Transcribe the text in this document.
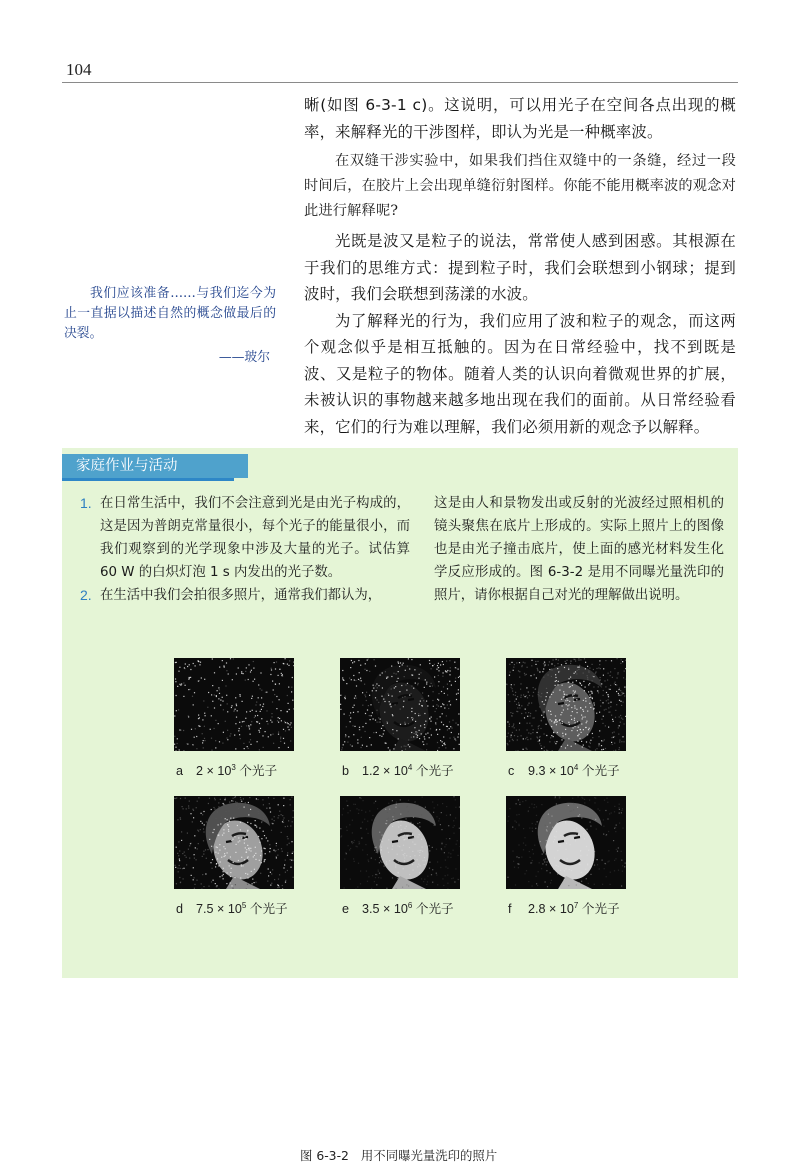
104

晰(如图 6-3-1 c)。这说明，可以用光子在空间各点出现的概率，来解释光的干涉图样，即认为光是一种概率波。

在双缝干涉实验中，如果我们挡住双缝中的一条缝，经过一段时间后，在胶片上会出现单缝衍射图样。你能不能用概率波的观念对此进行解释呢?

光既是波又是粒子的说法，常常使人感到困惑。其根源在于我们的思维方式：提到粒子时，我们会联想到小钢球；提到波时，我们会联想到荡漾的水波。

为了解释光的行为，我们应用了波和粒子的观念，而这两个观念似乎是相互抵触的。因为在日常经验中，找不到既是波、又是粒子的物体。随着人类的认识向着微观世界的扩展，未被认识的事物越来越多地出现在我们的面前。从日常经验看来，它们的行为难以理解，我们必须用新的观念予以解释。

我们应该准备……与我们迄今为止一直据以描述自然的概念做最后的决裂。
——玻尔
家庭作业与活动
1. 在日常生活中，我们不会注意到光是由光子构成的，这是因为普朗克常量很小，每个光子的能量很小，而我们观察到的光学现象中涉及大量的光子。试估算 60 W 的白炽灯泡 1 s 内发出的光子数。
2. 在生活中我们会拍很多照片，通常我们都认为，
这是由人和景物发出或反射的光波经过照相机的镜头聚焦在底片上形成的。实际上照片上的图像也是由光子撞击底片，使上面的感光材料发生化学反应形成的。图 6-3-2 是用不同曝光量洗印的照片，请你根据自己对光的理解做出说明。
a $2 \times 10^3$ 个光子	b $1.2 \times 10^4$ 个光子	c $9.3 \times 10^4$ 个光子
d $7.5 \times 10^5$ 个光子	e $3.5 \times 10^6$ 个光子	f $2.8 \times 10^7$ 个光子
图 6-3-2 用不同曝光量洗印的照片
